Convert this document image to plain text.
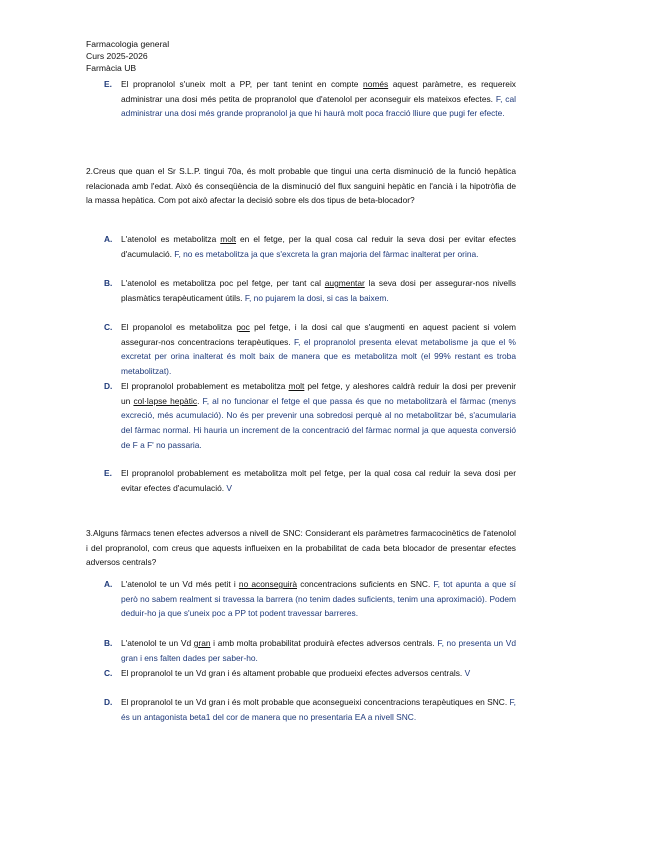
Farmacologia general
Curs 2025-2026
Farmàcia UB
E. El propranolol s'uneix molt a PP, per tant tenint en compte només aquest paràmetre, es requereix administrar una dosi més petita de propranolol que d'atenolol per aconseguir els mateixos efectes. F, cal administrar una dosi més grande propranolol ja que hi haurà molt poca fracció lliure que pugi fer efecte.
2.Creus que quan el Sr S.L.P. tingui 70a, és molt probable que tingui una certa disminució de la funció hepàtica relacionada amb l'edat. Això és conseqüència de la disminució del flux sanguini hepàtic en l'ancià i la hipotròfia de la massa hepàtica. Com pot això afectar la decisió sobre els dos tipus de beta-blocador?
A. L'atenolol es metabolitza molt en el fetge, per la qual cosa cal reduir la seva dosi per evitar efectes d'acumulació. F, no es metabolitza ja que s'excreta la gran majoria del fàrmac inalterat per orina.
B. L'atenolol es metabolitza poc pel fetge, per tant cal augmentar la seva dosi per assegurar-nos nivells plasmàtics terapèuticament útils. F, no pujarem la dosi, si cas la baixem.
C. El propanolol es metabolitza poc pel fetge, i la dosi cal que s'augmenti en aquest pacient si volem assegurar-nos concentracions terapèutiques. F, el propranolol presenta elevat metabolisme ja que el % excretat per orina inalterat és molt baix de manera que es metabolitza molt (el 99% restant es troba metabolitzat).
D. El propranolol probablement es metabolitza molt pel fetge, y aleshores caldrà reduir la dosi per prevenir un col·lapse hepàtic. F, al no funcionar el fetge el que passa és que no metabolitzarà el fàrmac (menys excreció, més acumulació). No és per prevenir una sobredosi perquè al no metabolitzar bé, s'acumularia del fàrmac normal. Hi hauria un increment de la concentració del fàrmac normal ja que aquesta conversió de F a F' no passaria.
E. El propranolol probablement es metabolitza molt pel fetge, per la qual cosa cal reduir la seva dosi per evitar efectes d'acumulació. V
3.Alguns fàrmacs tenen efectes adversos a nivell de SNC: Considerant els paràmetres farmacocinètics de l'atenolol i del propranolol, com creus que aquests influeixen en la probabilitat de cada beta blocador de presentar efectes adversos centrals?
A. L'atenolol te un Vd més petit i no aconseguirà concentracions suficients en SNC. F, tot apunta a que sí però no sabem realment si travessa la barrera (no tenim dades suficients, tenim una aproximació). Podem deduir-ho ja que s'uneix poc a PP tot podent travessar barreres.
B. L'atenolol te un Vd gran i amb molta probabilitat produirà efectes adversos centrals. F, no presenta un Vd gran i ens falten dades per saber-ho.
C. El propranolol te un Vd gran i és altament probable que produeixi efectes adversos centrals. V
D. El propranolol te un Vd gran i és molt probable que aconsegueixi concentracions terapèutiques en SNC. F, és un antagonista beta1 del cor de manera que no presentaria EA a nivell SNC.
